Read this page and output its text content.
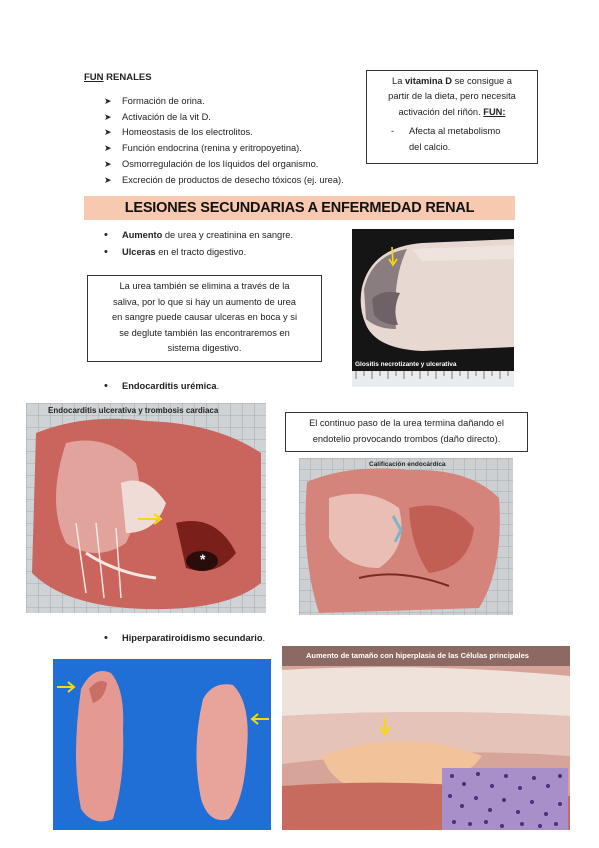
FUN RENALES
➤ Formación de orina.
➤ Activación de la vit D.
➤ Homeostasis de los electrolitos.
➤ Función endocrina (renina y eritropoyetina).
➤ Osmorregulación de los líquidos del organismo.
➤ Excreción de productos de desecho tóxicos (ej. urea).
La vitamina D se consigue a
partir de la dieta, pero necesita
activación del riñón. FUN:
- Afecta al metabolismo
del calcio.
LESIONES SECUNDARIAS A ENFERMEDAD RENAL
• Aumento de urea y creatinina en sangre.
• Ulceras en el tracto digestivo.
La urea también se elimina a través de la
saliva, por lo que si hay un aumento de urea
en sangre puede causar ulceras en boca y si
se deglute también las encontraremos en
sistema digestivo.
Glositis necrotizante y ulcerativa
• Endocarditis urémica.
*
Endocarditis ulcerativa y trombosis cardiaca
El continuo paso de la urea termina dañando el
endotelio provocando trombos (daño directo).
Calificación endocárdica
• Hiperparatiroidismo secundario.
Aumento de tamaño con hiperplasia de las Células principales
